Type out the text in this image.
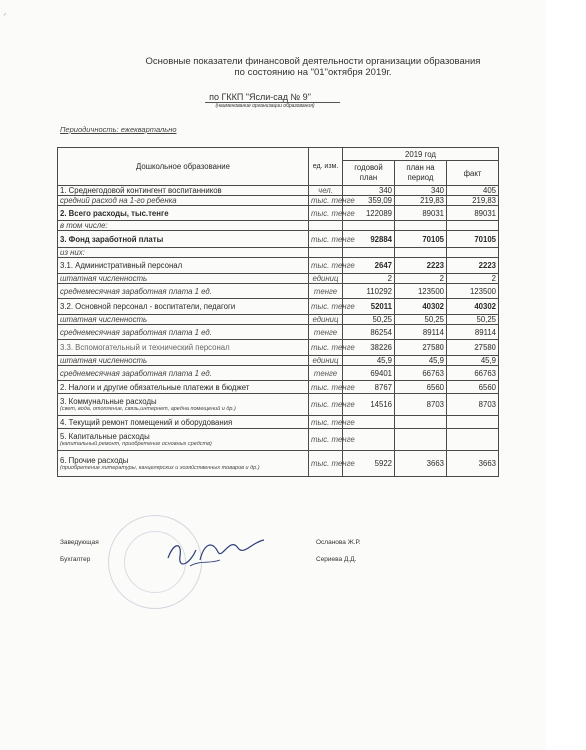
✓
Основные показатели финансовой деятельности организации образования
по состоянию на "01"октября 2019г.
по ГККП "Ясли-сад № 9"
(наименование организации образования)
Периодичность: ежеквартально
Дошкольное образование	ед. изм.	2019 год		
		годовой план	план на период	факт
1. Среднегодовой контингент воспитанников	чел.	340	340	405
средний расход на 1-го ребенка	тыс. тенге	359,09	219,83	219,83
2. Всего расходы, тыс.тенге	тыс. тенге	122089	89031	89031
в том числе:				
3. Фонд заработной платы	тыс. тенге	92884	70105	70105
из них:				
3.1. Административный персонал	тыс. тенге	2647	2223	2223
штатная численность	единиц	2	2	2
среднемесячная заработная плата 1 ед.	тенге	110292	123500	123500
3.2. Основной персонал - воспитатели, педагоги	тыс. тенге	52011	40302	40302
штатная численность	единиц	50,25	50,25	50,25
среднемесячная заработная плата 1 ед.	тенге	86254	89114	89114
3.3. Вспомогательный и технический персонал	тыс. тенге	38226	27580	27580
штатная численность	единиц	45,9	45,9	45,9
среднемесячная заработная плата 1 ед.	тенге	69401	66763	66763
2. Налоги и другие обязательные платежи в бюджет	тыс. тенге	8767	6560	6560
3. Коммунальные расходы
(свет, вода, отопление, связь,интернет, аредна помещений и др.)	тыс. тенге	14516	8703	8703
4. Текущий ремонт помещений и оборудования	тыс. тенге			
5. Капитальные расходы
(капитальный ремонт, приобретение основных средств)	тыс. тенге			
6. Прочие расходы
(приобретение литературы, канцелярских и хозяйственных товаров и др.)	тыс. тенге	5922	3663	3663
Заведующая
Бухгалтер
Осланова Ж.Р.
Сериева Д.Д.
